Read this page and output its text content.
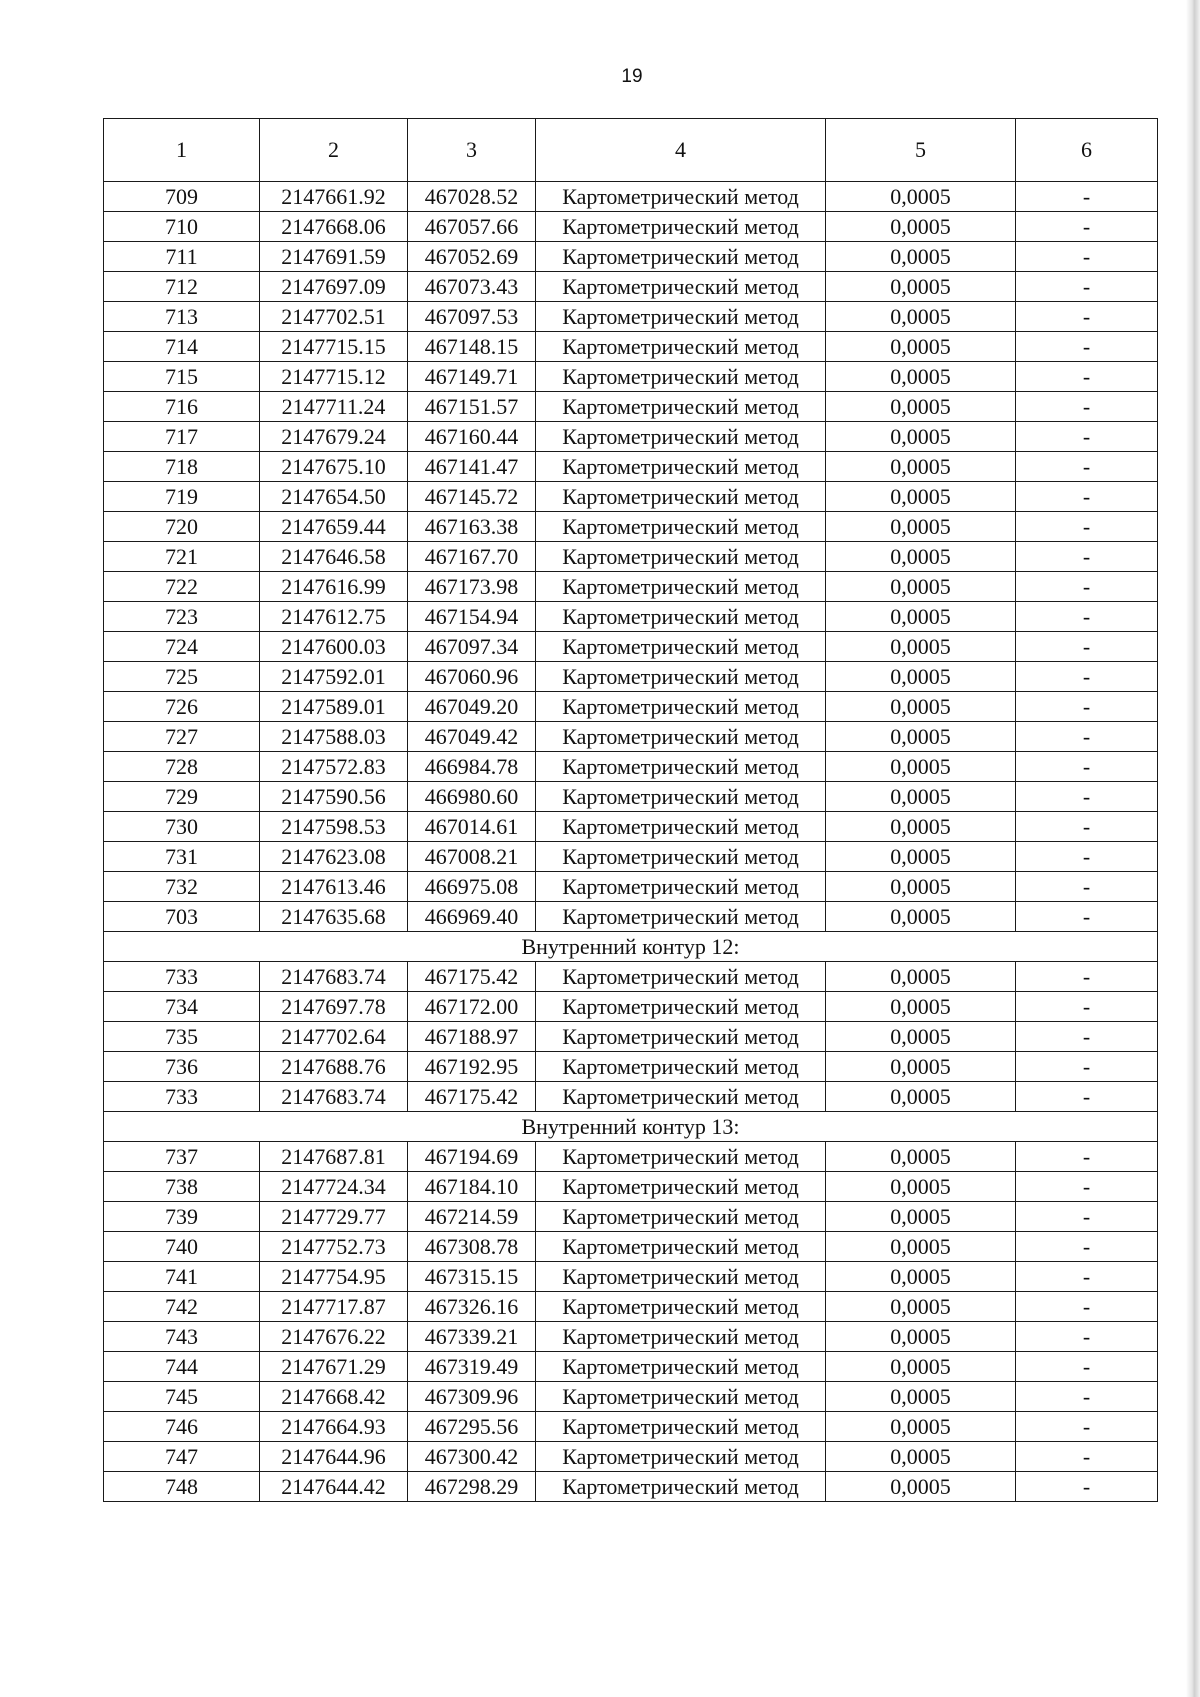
19
1	2	3	4	5	6
709	2147661.92	467028.52	Картометрический метод	0,0005	-
710	2147668.06	467057.66	Картометрический метод	0,0005	-
711	2147691.59	467052.69	Картометрический метод	0,0005	-
712	2147697.09	467073.43	Картометрический метод	0,0005	-
713	2147702.51	467097.53	Картометрический метод	0,0005	-
714	2147715.15	467148.15	Картометрический метод	0,0005	-
715	2147715.12	467149.71	Картометрический метод	0,0005	-
716	2147711.24	467151.57	Картометрический метод	0,0005	-
717	2147679.24	467160.44	Картометрический метод	0,0005	-
718	2147675.10	467141.47	Картометрический метод	0,0005	-
719	2147654.50	467145.72	Картометрический метод	0,0005	-
720	2147659.44	467163.38	Картометрический метод	0,0005	-
721	2147646.58	467167.70	Картометрический метод	0,0005	-
722	2147616.99	467173.98	Картометрический метод	0,0005	-
723	2147612.75	467154.94	Картометрический метод	0,0005	-
724	2147600.03	467097.34	Картометрический метод	0,0005	-
725	2147592.01	467060.96	Картометрический метод	0,0005	-
726	2147589.01	467049.20	Картометрический метод	0,0005	-
727	2147588.03	467049.42	Картометрический метод	0,0005	-
728	2147572.83	466984.78	Картометрический метод	0,0005	-
729	2147590.56	466980.60	Картометрический метод	0,0005	-
730	2147598.53	467014.61	Картометрический метод	0,0005	-
731	2147623.08	467008.21	Картометрический метод	0,0005	-
732	2147613.46	466975.08	Картометрический метод	0,0005	-
703	2147635.68	466969.40	Картометрический метод	0,0005	-
Внутренний контур 12:					
733	2147683.74	467175.42	Картометрический метод	0,0005	-
734	2147697.78	467172.00	Картометрический метод	0,0005	-
735	2147702.64	467188.97	Картометрический метод	0,0005	-
736	2147688.76	467192.95	Картометрический метод	0,0005	-
733	2147683.74	467175.42	Картометрический метод	0,0005	-
Внутренний контур 13:					
737	2147687.81	467194.69	Картометрический метод	0,0005	-
738	2147724.34	467184.10	Картометрический метод	0,0005	-
739	2147729.77	467214.59	Картометрический метод	0,0005	-
740	2147752.73	467308.78	Картометрический метод	0,0005	-
741	2147754.95	467315.15	Картометрический метод	0,0005	-
742	2147717.87	467326.16	Картометрический метод	0,0005	-
743	2147676.22	467339.21	Картометрический метод	0,0005	-
744	2147671.29	467319.49	Картометрический метод	0,0005	-
745	2147668.42	467309.96	Картометрический метод	0,0005	-
746	2147664.93	467295.56	Картометрический метод	0,0005	-
747	2147644.96	467300.42	Картометрический метод	0,0005	-
748	2147644.42	467298.29	Картометрический метод	0,0005	-
